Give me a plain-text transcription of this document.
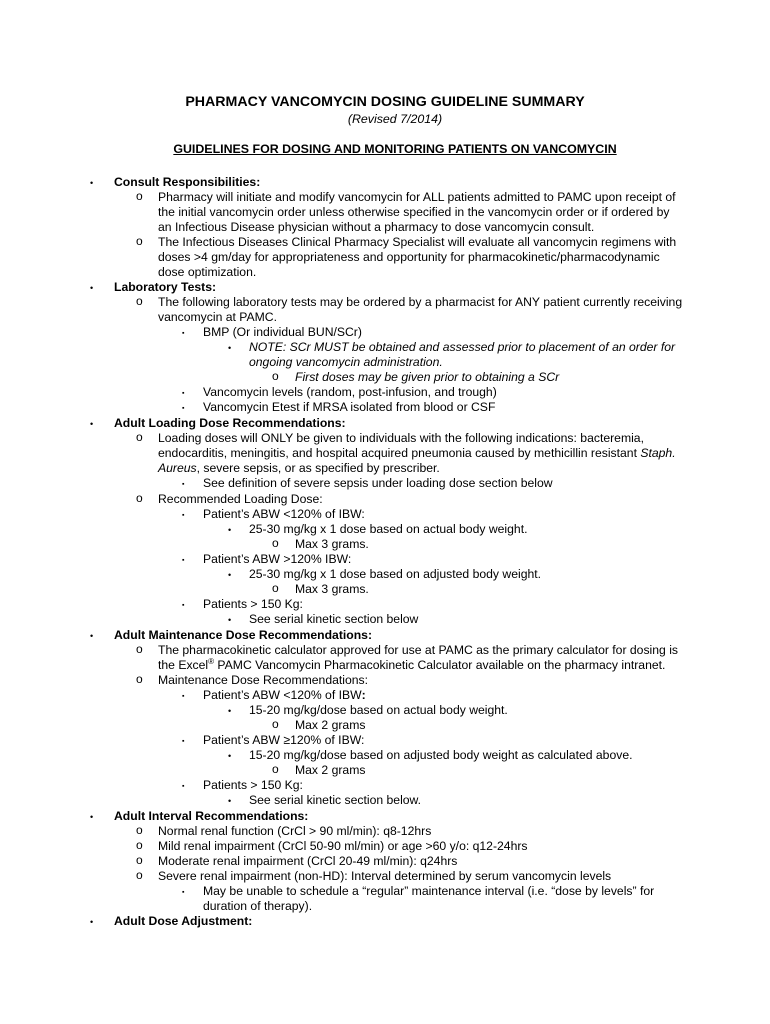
PHARMACY VANCOMYCIN DOSING GUIDELINE SUMMARY
(Revised 7/2014)
GUIDELINES FOR DOSING AND MONITORING PATIENTS ON VANCOMYCIN
• Consult Responsibilities:
o Pharmacy will initiate and modify vancomycin for ALL patients admitted to PAMC upon receipt of
the initial vancomycin order unless otherwise specified in the vancomycin order or if ordered by
an Infectious Disease physician without a pharmacy to dose vancomycin consult.
o The Infectious Diseases Clinical Pharmacy Specialist will evaluate all vancomycin regimens with
doses >4 gm/day for appropriateness and opportunity for pharmacokinetic/pharmacodynamic
dose optimization.
• Laboratory Tests:
o The following laboratory tests may be ordered by a pharmacist for ANY patient currently receiving
vancomycin at PAMC.
▪ BMP (Or individual BUN/SCr)
• NOTE: SCr MUST be obtained and assessed prior to placement of an order for
ongoing vancomycin administration.
o First doses may be given prior to obtaining a SCr
▪ Vancomycin levels (random, post-infusion, and trough)
▪ Vancomycin Etest if MRSA isolated from blood or CSF
• Adult Loading Dose Recommendations:
o Loading doses will ONLY be given to individuals with the following indications: bacteremia,
endocarditis, meningitis, and hospital acquired pneumonia caused by methicillin resistant Staph.
Aureus, severe sepsis, or as specified by prescriber.
▪ See definition of severe sepsis under loading dose section below
o Recommended Loading Dose:
▪ Patient’s ABW <120% of IBW:
• 25-30 mg/kg x 1 dose based on actual body weight.
o Max 3 grams.
▪ Patient’s ABW >120% IBW:
• 25-30 mg/kg x 1 dose based on adjusted body weight.
o Max 3 grams.
▪ Patients > 150 Kg:
• See serial kinetic section below
• Adult Maintenance Dose Recommendations:
o The pharmacokinetic calculator approved for use at PAMC as the primary calculator for dosing is
the Excel® PAMC Vancomycin Pharmacokinetic Calculator available on the pharmacy intranet.
o Maintenance Dose Recommendations:
▪ Patient’s ABW <120% of IBW:
• 15-20 mg/kg/dose based on actual body weight.
o Max 2 grams
▪ Patient’s ABW ≥120% of IBW:
• 15-20 mg/kg/dose based on adjusted body weight as calculated above.
o Max 2 grams
▪ Patients > 150 Kg:
• See serial kinetic section below.
• Adult Interval Recommendations:
o Normal renal function (CrCl > 90 ml/min): q8-12hrs
o Mild renal impairment (CrCl 50-90 ml/min) or age >60 y/o: q12-24hrs
o Moderate renal impairment (CrCl 20-49 ml/min): q24hrs
o Severe renal impairment (non-HD): Interval determined by serum vancomycin levels
▪ May be unable to schedule a “regular” maintenance interval (i.e. “dose by levels” for
duration of therapy).
• Adult Dose Adjustment:
